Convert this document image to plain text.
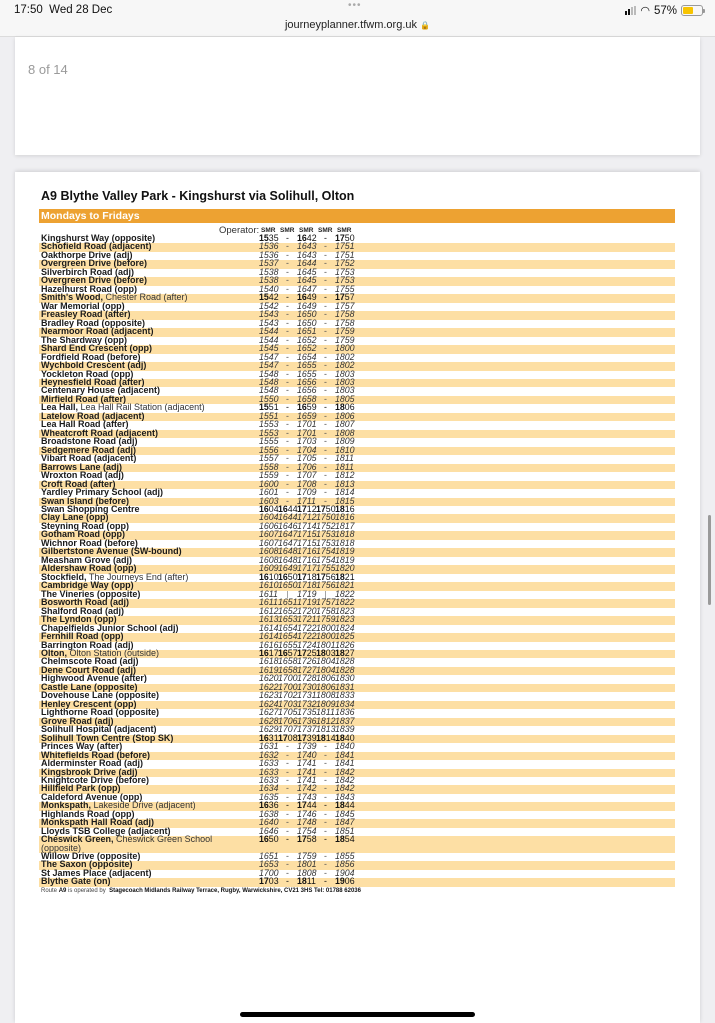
17:50 Wed 28 Dec	•••
journeyplanner.tfwm.org.uk 🔒
◠ 57%
8 of 14
A9 Blythe Valley Park - Kingshurst via Solihull, Olton
Mondays to Fridays
Operator: SMR SMR SMR SMR SMR
Kingshurst Way (opposite)	1535 - 1642 - 1750
Schofield Road (adjacent)	1536 - 1643 - 1751
Oakthorpe Drive (adj)	1536 - 1643 - 1751
Overgreen Drive (before)	1537 - 1644 - 1752
Silverbirch Road (adj)	1538 - 1645 - 1753
Overgreen Drive (before)	1538 - 1645 - 1753
Hazelhurst Road (opp)	1540 - 1647 - 1755
Smith's Wood, Chester Road (after)	1542 - 1649 - 1757
War Memorial (opp)	1542 - 1649 - 1757
Freasley Road (after)	1543 - 1650 - 1758
Bradley Road (opposite)	1543 - 1650 - 1758
Nearmoor Road (adjacent)	1544 - 1651 - 1759
The Shardway (opp)	1544 - 1652 - 1759
Shard End Crescent (opp)	1545 - 1652 - 1800
Fordfield Road (before)	1547 - 1654 - 1802
Wychbold Crescent (adj)	1547 - 1655 - 1802
Yockleton Road (opp)	1548 - 1655 - 1803
Heynesfield Road (after)	1548 - 1656 - 1803
Centenary House (adjacent)	1548 - 1656 - 1803
Mirfield Road (after)	1550 - 1658 - 1805
Lea Hall, Lea Hall Rail Station (adjacent)	1551 - 1659 - 1806
Latelow Road (adjacent)	1551 - 1659 - 1806
Lea Hall Road (after)	1553 - 1701 - 1807
Wheatcroft Road (adjacent)	1553 - 1701 - 1808
Broadstone Road (adj)	1555 - 1703 - 1809
Sedgemere Road (adj)	1556 - 1704 - 1810
Vibart Road (adjacent)	1557 - 1705 - 1811
Barrows Lane (adj)	1558 - 1706 - 1811
Wroxton Road (adj)	1559 - 1707 - 1812
Croft Road (after)	1600 - 1708 - 1813
Yardley Primary School (adj)	1601 - 1709 - 1814
Swan Island (before)	1603 - 1711 - 1815
Swan Shopping Centre	1604 1644 1712 1750 1816
Clay Lane (opp)	1604 1644 1712 1750 1816
Steyning Road (opp)	1606 1646 1714 1752 1817
Gotham Road (opp)	1607 1647 1715 1753 1818
Wichnor Road (before)	1607 1647 1715 1753 1818
Gilbertstone Avenue (SW-bound)	1608 1648 1716 1754 1819
Measham Grove (adj)	1608 1648 1716 1754 1819
Aldershaw Road (opp)	1609 1649 1717 1755 1820
Stockfield, The Journeys End (after)	1610 1650 1718 1756 1821
Cambridge Way (opp)	1610 1650 1718 1756 1821
The Vineries (opposite)	1611	| 1719 | 1822
Bosworth Road (adj)	1611 1651 1719 1757 1822
Shalford Road (adj)	1612 1652 1720 1758 1823
The Lyndon (opp)	1613 1653 1721 1759 1823
Chapelfields Junior School (adj)	1614 1654 1722 1800 1824
Fernhill Road (opp)	1614 1654 1722 1800 1825
Barrington Road (adj)	1616 1655 1724 1801 1826
Olton, Olton Station (outside)	1617 1657 1725 1803 1827
Chelmscote Road (adj)	1618 1658 1726 1804 1828
Dene Court Road (adj)	1619 1658 1727 1804 1828
Highwood Avenue (after)	1620 1700 1728 1806 1830
Castle Lane (opposite)	1622 1700 1730 1806 1831
Dovehouse Lane (opposite)	1623 1702 1731 1808 1833
Henley Crescent (opp)	1624 1703 1732 1809 1834
Lighthorne Road (opposite)	1627 1705 1735 1811 1836
Grove Road (adj)	1628 1706 1736 1812 1837
Solihull Hospital (adjacent)	1629 1707 1737 1813 1839
Solihull Town Centre (Stop SK)	1631 1708 1739 1814 1840
Princes Way (after)	1631 - 1739 - 1840
Whitefields Road (before)	1632 - 1740 - 1841
Alderminster Road (adj)	1633 - 1741 - 1841
Kingsbrook Drive (adj)	1633 - 1741 - 1842
Knightcote Drive (before)	1633 - 1741 - 1842
Hillfield Park (opp)	1634 - 1742 - 1842
Caldeford Avenue (opp)	1635 - 1743 - 1843
Monkspath, Lakeside Drive (adjacent)	1636 - 1744 - 1844
Highlands Road (opp)	1638 - 1746 - 1845
Monkspath Hall Road (adj)	1640 - 1748 - 1847
Lloyds TSB College (adjacent)	1646 - 1754 - 1851
Cheswick Green, Cheswick Green School (opposite)
1650 - 1758 - 1854
Willow Drive (opposite)	1651 - 1759 - 1855
The Saxon (opposite)	1653 - 1801 - 1856
St James Place (adjacent)	1700 - 1808 - 1904
Blythe Gate (on)	1703 - 1811 - 1906
Route A9 is operated by  Stagecoach Midlands Railway Terrace, Rugby, Warwickshire, CV21 3HS Tel: 01788 62036
